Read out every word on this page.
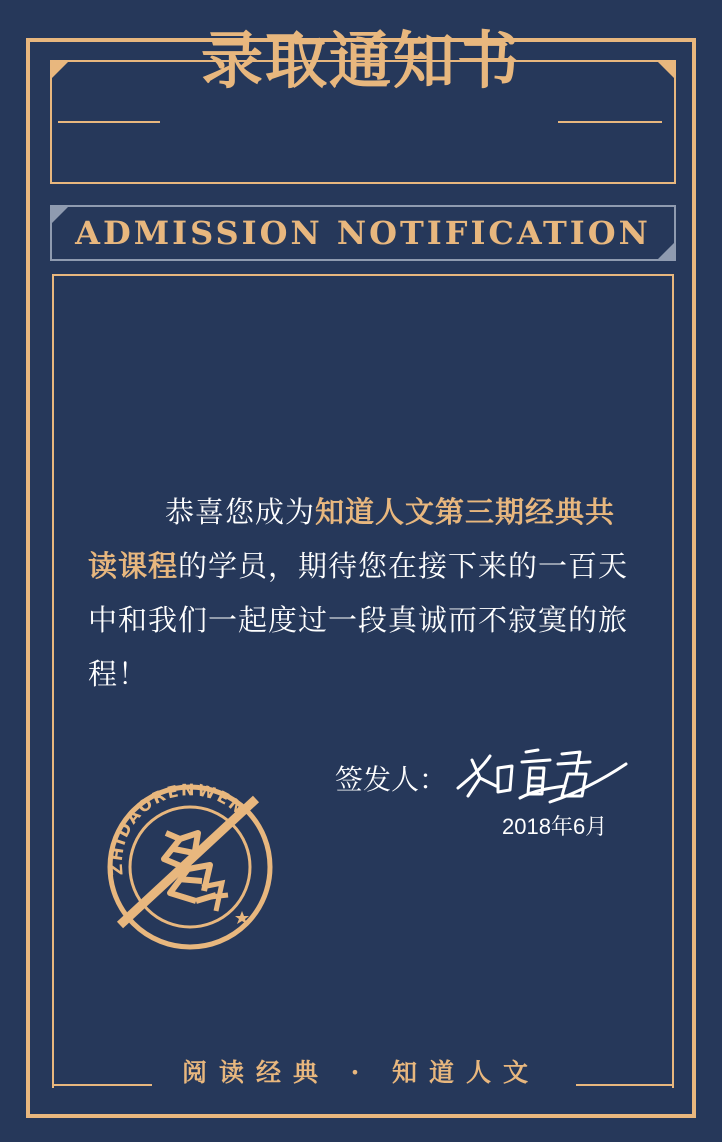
录取通知书
ADMISSION NOTIFICATION
恭喜您成为知道人文第三期经典共读课程的学员，期待您在接下来的一百天中和我们一起度过一段真诚而不寂寞的旅程！
签发人：
2018年6月
ZHIDAORENWEN
阅读经典 · 知道人文
